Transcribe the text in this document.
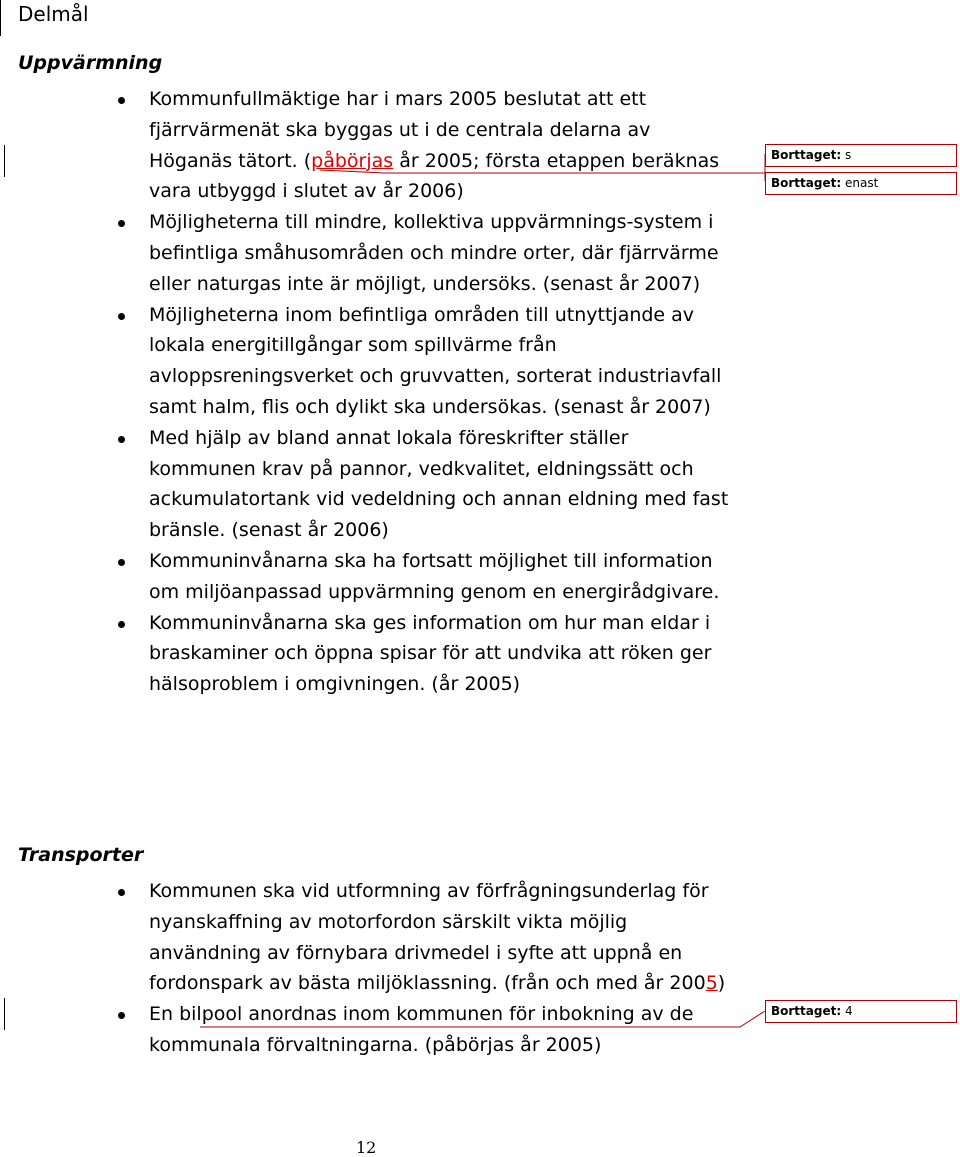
Delmål
Uppvärmning
Kommunfullmäktige har i mars 2005 beslutat att ett fjärrvärmenät ska byggas ut i de centrala delarna av Höganäs tätort. (påbörjas år 2005; första etappen beräknas vara utbyggd i slutet av år 2006)
Möjligheterna till mindre, kollektiva uppvärmnings-system i befintliga småhusområden och mindre orter, där fjärrvärme eller naturgas inte är möjligt, undersöks. (senast år 2007)
Möjligheterna inom befintliga områden till utnyttjande av lokala energitillgångar som spillvärme från avloppsreningsverket och gruvvatten, sorterat industriavfall samt halm, flis och dylikt ska undersökas. (senast år 2007)
Med hjälp av bland annat lokala föreskrifter ställer kommunen krav på pannor, vedkvalitet, eldningssätt och ackumulatortank vid vedeldning och annan eldning med fast bränsle. (senast år 2006)
Kommuninvånarna ska ha fortsatt möjlighet till information om miljöanpassad uppvärmning genom en energirådgivare.
Kommuninvånarna ska ges information om hur man eldar i braskaminer och öppna spisar för att undvika att röken ger hälsoproblem i omgivningen. (år 2005)
Transporter
Kommunen ska vid utformning av förfrågningsunderlag för nyanskaffning av motorfordon särskilt vikta möjlig användning av förnybara drivmedel i syfte att uppnå en fordonspark av bästa miljöklassning. (från och med år 2005)
En bilpool anordnas inom kommunen för inbokning av de kommunala förvaltningarna. (påbörjas år 2005)
Borttaget: s
Borttaget: enast
Borttaget: 4
12
